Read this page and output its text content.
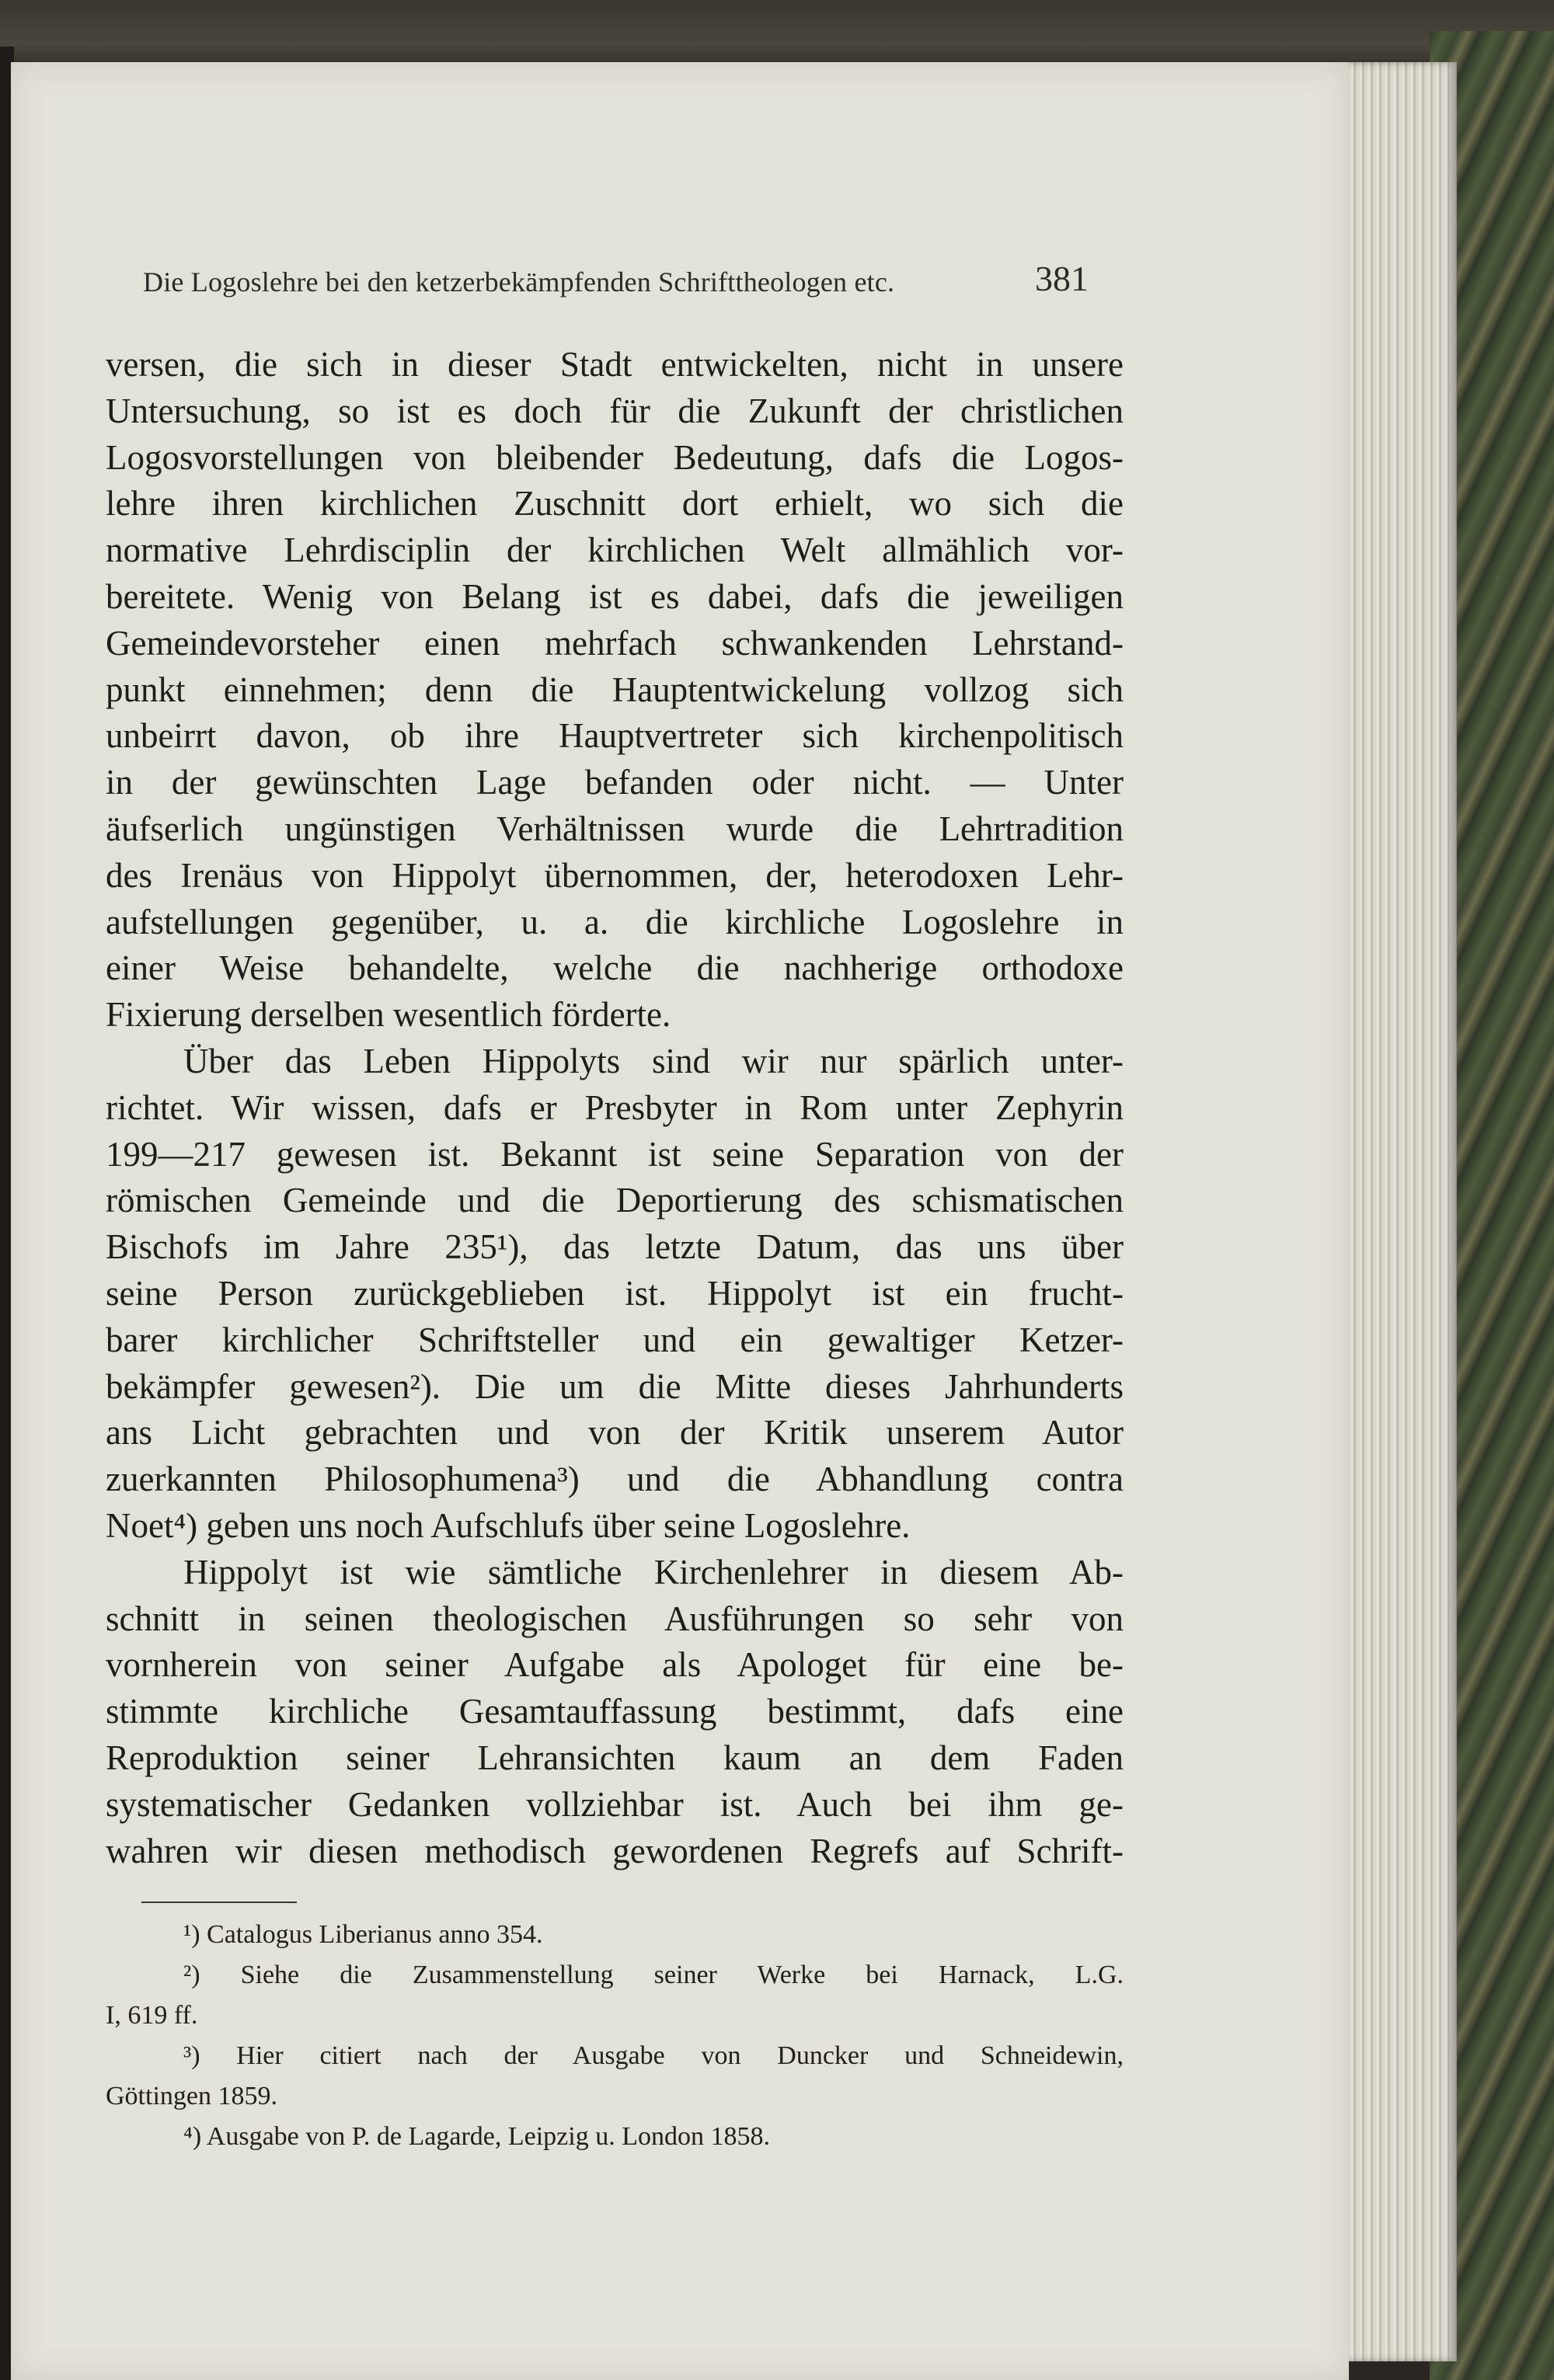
Die Logoslehre bei den ketzerbekämpfenden Schrifttheologen etc.	381
versen, die sich in dieser Stadt entwickelten, nicht in unsere
Untersuchung, so ist es doch für die Zukunft der christlichen
Logosvorstellungen von bleibender Bedeutung, dafs die Logos-
lehre ihren kirchlichen Zuschnitt dort erhielt, wo sich die
normative Lehrdisciplin der kirchlichen Welt allmählich vor-
bereitete. Wenig von Belang ist es dabei, dafs die jeweiligen
Gemeindevorsteher einen mehrfach schwankenden Lehrstand-
punkt einnehmen; denn die Hauptentwickelung vollzog sich
unbeirrt davon, ob ihre Hauptvertreter sich kirchenpolitisch
in der gewünschten Lage befanden oder nicht. — Unter
äufserlich ungünstigen Verhältnissen wurde die Lehrtradition
des Irenäus von Hippolyt übernommen, der, heterodoxen Lehr-
aufstellungen gegenüber, u. a. die kirchliche Logoslehre in
einer Weise behandelte, welche die nachherige orthodoxe
Fixierung derselben wesentlich förderte.
Über das Leben Hippolyts sind wir nur spärlich unter-
richtet. Wir wissen, dafs er Presbyter in Rom unter Zephyrin
199—217 gewesen ist. Bekannt ist seine Separation von der
römischen Gemeinde und die Deportierung des schismatischen
Bischofs im Jahre 235¹), das letzte Datum, das uns über
seine Person zurückgeblieben ist. Hippolyt ist ein frucht-
barer kirchlicher Schriftsteller und ein gewaltiger Ketzer-
bekämpfer gewesen²). Die um die Mitte dieses Jahrhunderts
ans Licht gebrachten und von der Kritik unserem Autor
zuerkannten Philosophumena³) und die Abhandlung contra
Noet⁴) geben uns noch Aufschlufs über seine Logoslehre.
Hippolyt ist wie sämtliche Kirchenlehrer in diesem Ab-
schnitt in seinen theologischen Ausführungen so sehr von
vornherein von seiner Aufgabe als Apologet für eine be-
stimmte kirchliche Gesamtauffassung bestimmt, dafs eine
Reproduktion seiner Lehransichten kaum an dem Faden
systematischer Gedanken vollziehbar ist. Auch bei ihm ge-
wahren wir diesen methodisch gewordenen Regrefs auf Schrift-
¹) Catalogus Liberianus anno 354.
²) Siehe die Zusammenstellung seiner Werke bei Harnack, L.G.
I, 619 ff.
³) Hier citiert nach der Ausgabe von Duncker und Schneidewin,
Göttingen 1859.
⁴) Ausgabe von P. de Lagarde, Leipzig u. London 1858.
